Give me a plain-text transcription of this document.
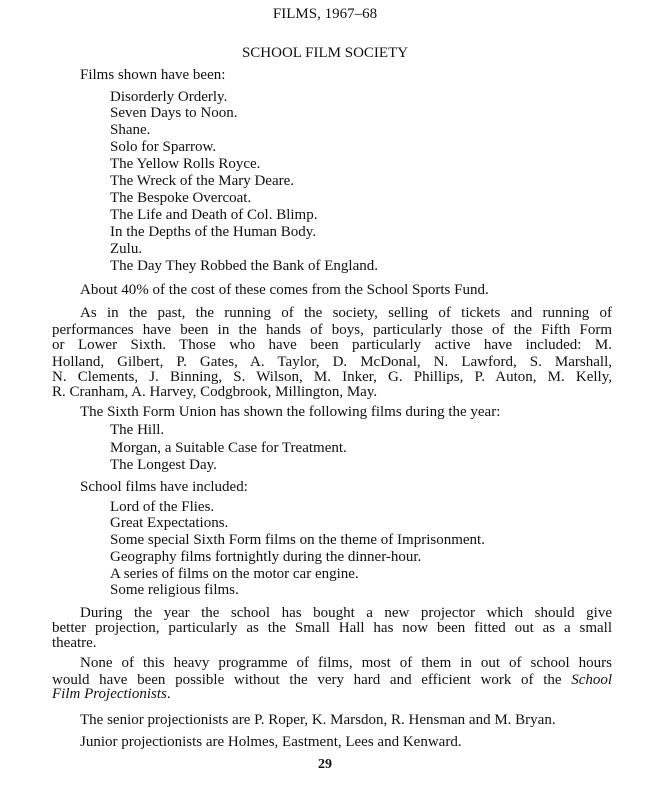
FILMS, 1967–68
SCHOOL FILM SOCIETY
Films shown have been:
Disorderly Orderly.
Seven Days to Noon.
Shane.
Solo for Sparrow.
The Yellow Rolls Royce.
The Wreck of the Mary Deare.
The Bespoke Overcoat.
The Life and Death of Col. Blimp.
In the Depths of the Human Body.
Zulu.
The Day They Robbed the Bank of England.
About 40% of the cost of these comes from the School Sports Fund.
As in the past, the running of the society, selling of tickets and running of
performances have been in the hands of boys, particularly those of the Fifth Form
or Lower Sixth. Those who have been particularly active have included: M.
Holland, Gilbert, P. Gates, A. Taylor, D. McDonal, N. Lawford, S. Marshall,
N. Clements, J. Binning, S. Wilson, M. Inker, G. Phillips, P. Auton, M. Kelly,
R. Cranham, A. Harvey, Codgbrook, Millington, May.
The Sixth Form Union has shown the following films during the year:
The Hill.
Morgan, a Suitable Case for Treatment.
The Longest Day.
School films have included:
Lord of the Flies.
Great Expectations.
Some special Sixth Form films on the theme of Imprisonment.
Geography films fortnightly during the dinner-hour.
A series of films on the motor car engine.
Some religious films.
During the year the school has bought a new projector which should give
better projection, particularly as the Small Hall has now been fitted out as a small
theatre.
None of this heavy programme of films, most of them in out of school hours
would have been possible without the very hard and efficient work of the School
Film Projectionists.
The senior projectionists are P. Roper, K. Marsdon, R. Hensman and M. Bryan.
Junior projectionists are Holmes, Eastment, Lees and Kenward.
29
